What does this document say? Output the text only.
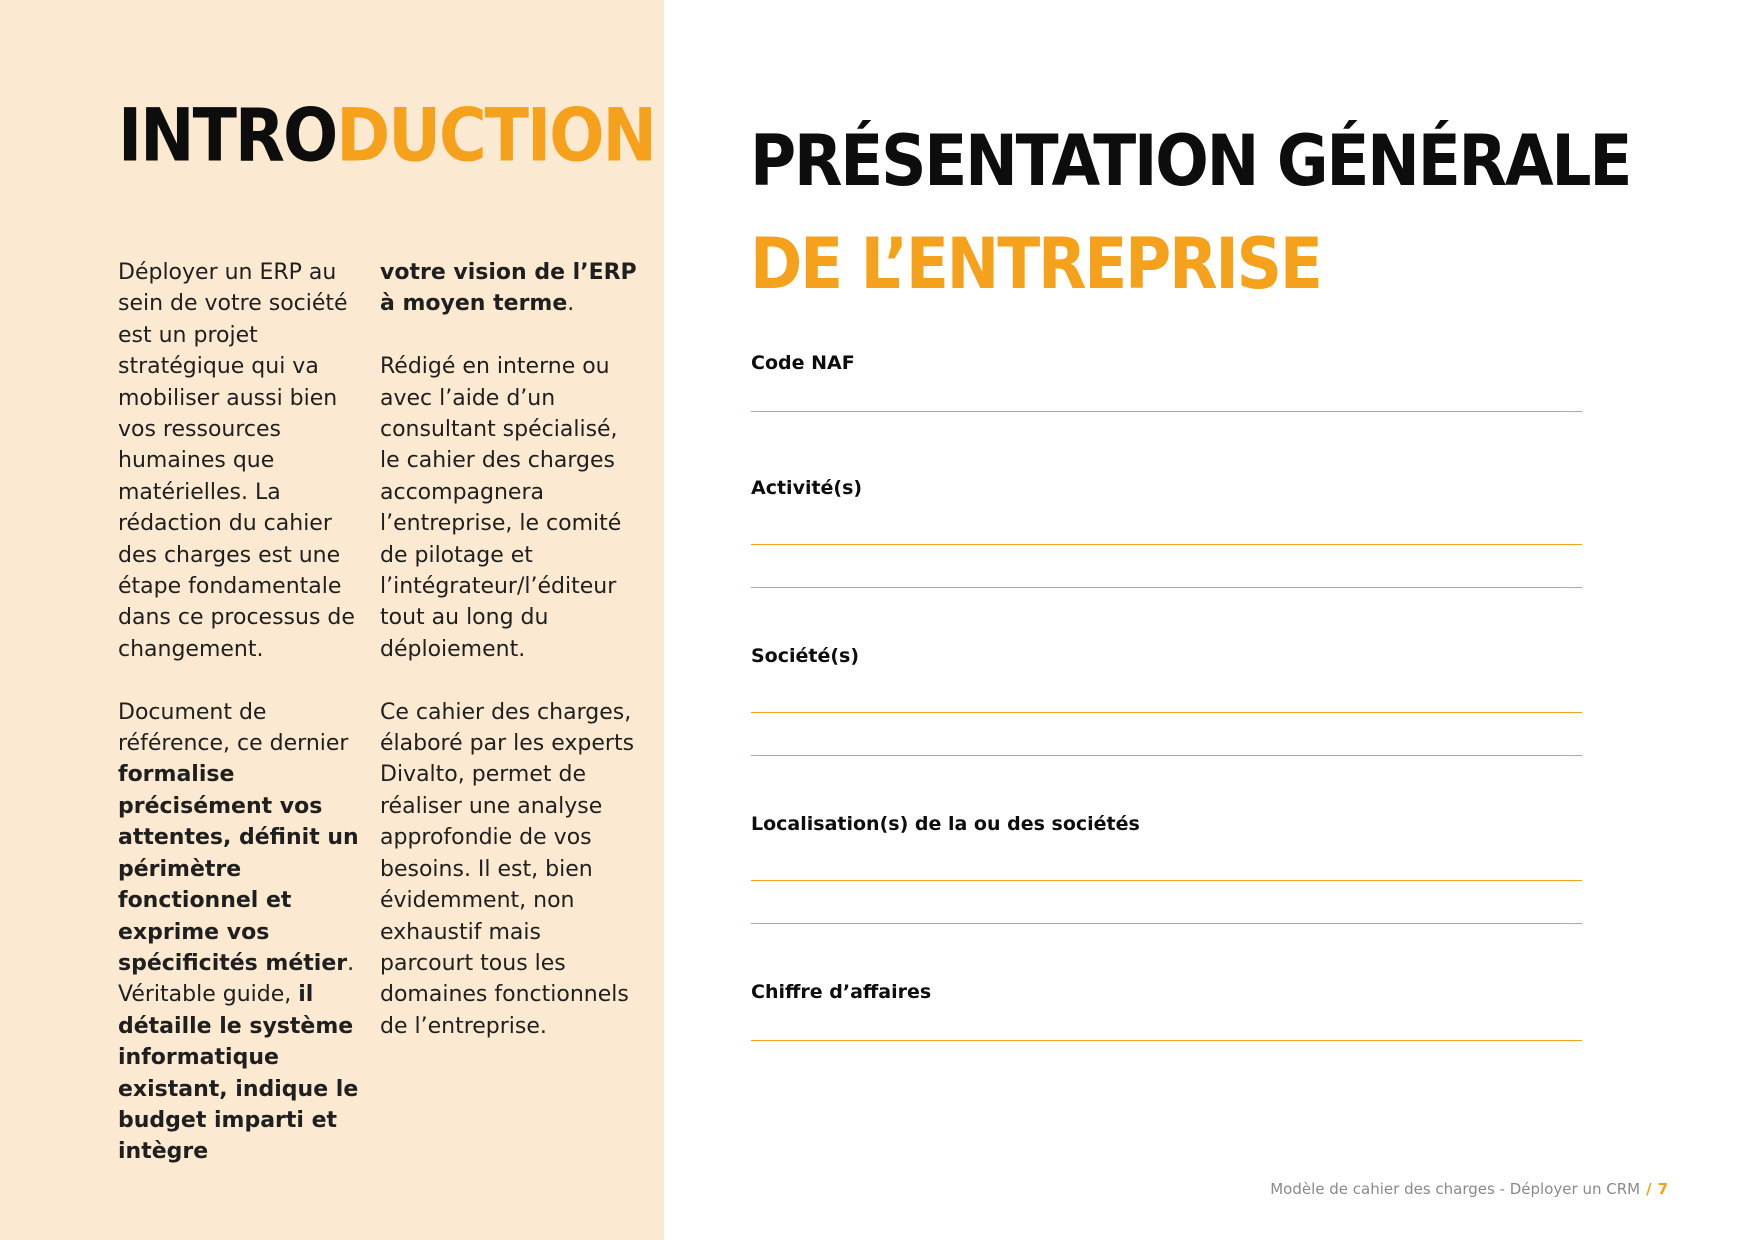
INTRODUCTION

Déployer un ERP au sein de votre société est un projet stratégique qui va mobiliser aussi bien vos ressources humaines que matérielles. La rédaction du cahier des charges est une étape fondamentale dans ce processus de changement.

Document de référence, ce dernier formalise précisément vos attentes, définit un périmètre fonctionnel et exprime vos spécificités métier. Véritable guide, il détaille le système informatique existant, indique le budget imparti et intègre

votre vision de l’ERP à moyen terme.

Rédigé en interne ou avec l’aide d’un consultant spécialisé, le cahier des charges accompagnera l’entreprise, le comité de pilotage et l’intégrateur/l’éditeur tout au long du déploiement.

Ce cahier des charges, élaboré par les experts Divalto, permet de réaliser une analyse approfondie de vos besoins. Il est, bien évidemment, non exhaustif mais parcourt tous les domaines fonctionnels de l’entreprise.

PRÉSENTATION GÉNÉRALE
DE L’ENTREPRISE
Code NAF
Activité(s)
Société(s)
Localisation(s) de la ou des sociétés
Chiffre d’affaires
Modèle de cahier des charges - Déployer un CRM / 7
